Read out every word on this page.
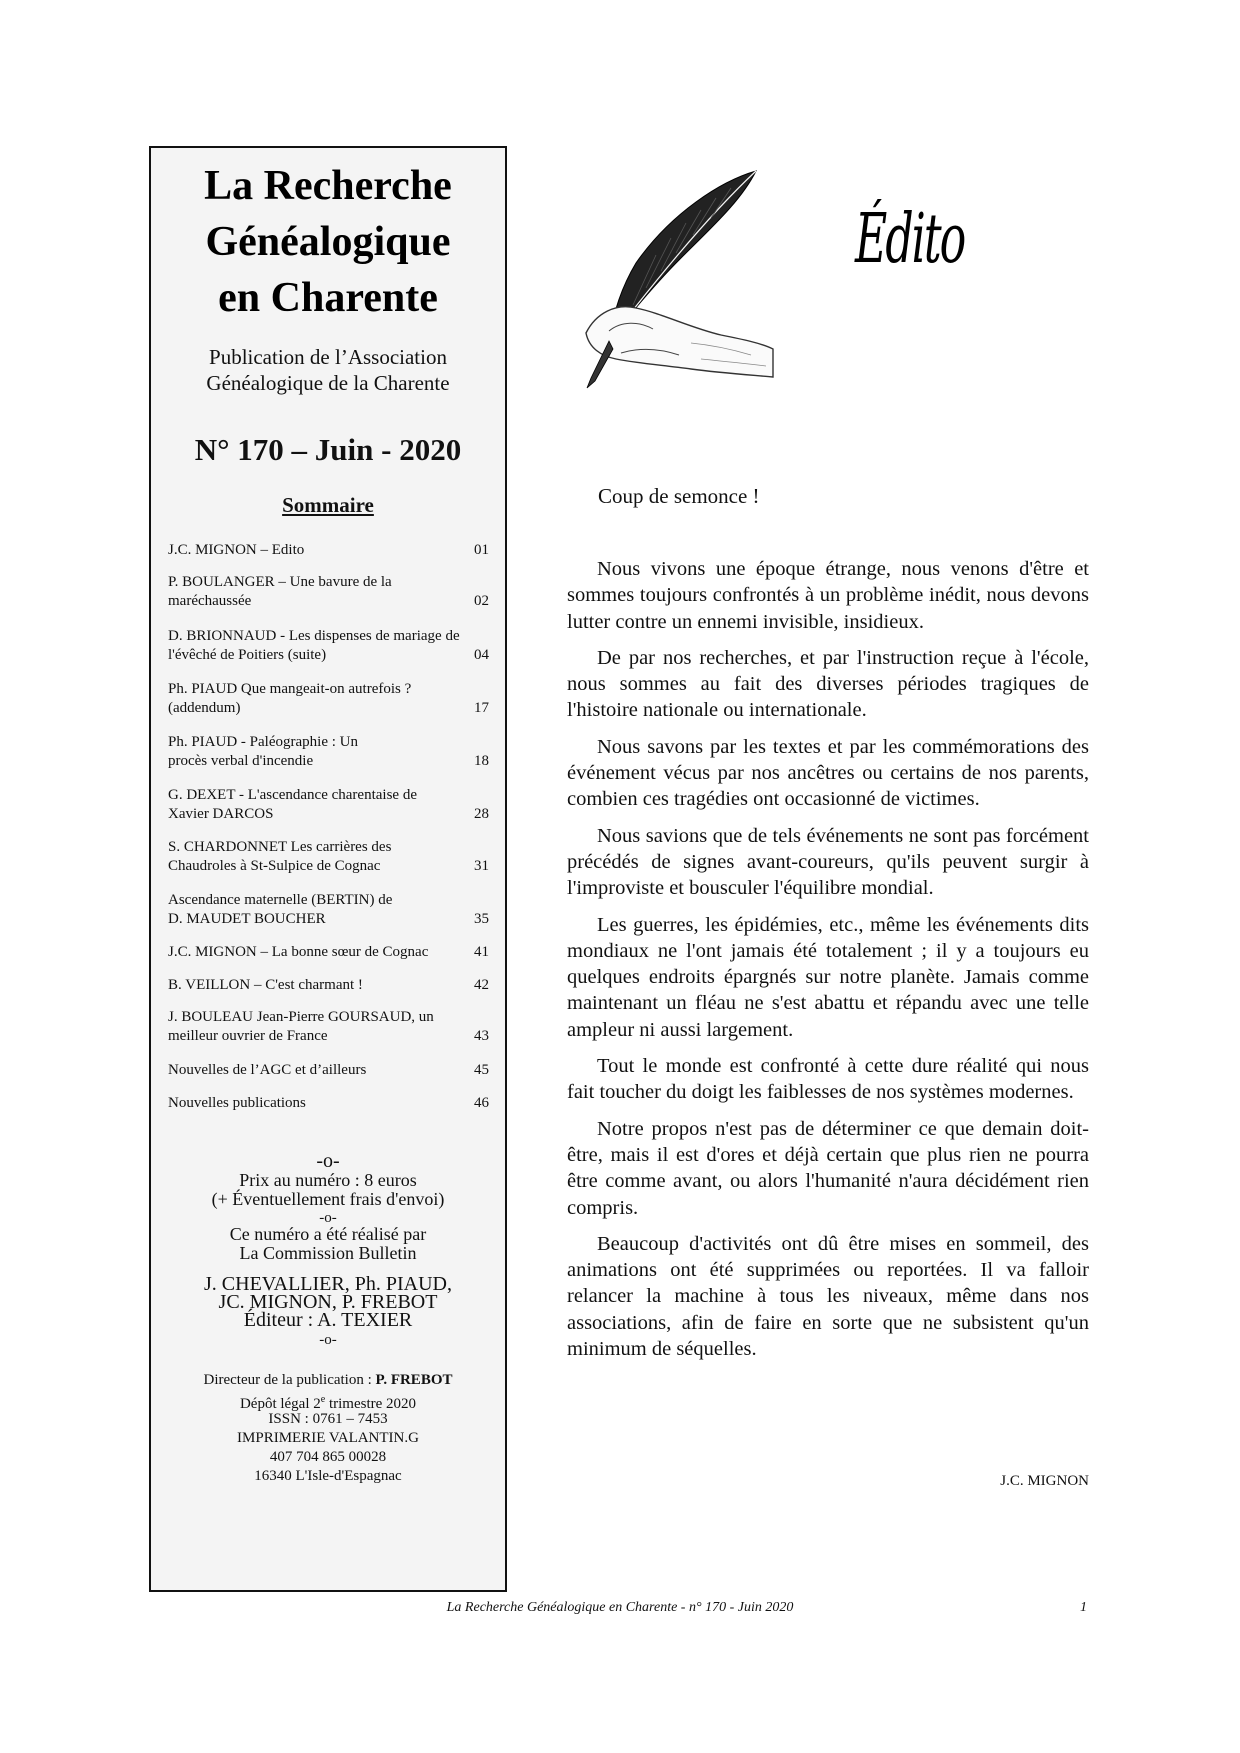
La Recherche
Généalogique
en Charente
Publication de l’Association
Généalogique de la Charente
N° 170 – Juin - 2020
Sommaire
J.C. MIGNON – Edito	01
P. BOULANGER – Une bavure de la maréchaussée	02
D. BRIONNAUD - Les dispenses de mariage de l'évêché de Poitiers (suite)	04
Ph. PIAUD Que mangeait-on autrefois ? (addendum)	17
Ph. PIAUD - Paléographie : Un procès verbal d'incendie	18
G. DEXET - L'ascendance charentaise de Xavier DARCOS	28
S. CHARDONNET Les carrières des Chaudroles à St-Sulpice de Cognac	31
Ascendance maternelle (BERTIN) de D. MAUDET BOUCHER	35
J.C. MIGNON – La bonne sœur de Cognac	41
B. VEILLON – C'est charmant !	42
J. BOULEAU Jean-Pierre GOURSAUD, un meilleur ouvrier de France	43
Nouvelles de l’AGC et d’ailleurs	45
Nouvelles publications	46
-o-
Prix au numéro : 8 euros
(+ Éventuellement frais d'envoi)
-o-
Ce numéro a été réalisé par
La Commission Bulletin
J. CHEVALLIER, Ph. PIAUD,
JC. MIGNON, P. FREBOT
Éditeur : A. TEXIER
-o-
Directeur de la publication : P. FREBOT
Dépôt légal 2e trimestre 2020
ISSN : 0761 – 7453
IMPRIMERIE VALANTIN.G
407 704 865 00028
16340 L'Isle-d'Espagnac
Édito
Coup de semonce !

Nous vivons une époque étrange, nous venons d'être et sommes toujours confrontés à un problème inédit, nous devons lutter contre un ennemi invisible, insidieux.

De par nos recherches, et par l'instruction reçue à l'école, nous sommes au fait des diverses périodes tragiques de l'histoire nationale ou internationale.

Nous savons par les textes et par les commémorations des événement vécus par nos ancêtres ou certains de nos parents, combien ces tragédies ont occasionné de victimes.

Nous savions que de tels événements ne sont pas forcément précédés de signes avant-coureurs, qu'ils peuvent surgir à l'improviste et bousculer l'équilibre mondial.

Les guerres, les épidémies, etc., même les événements dits mondiaux ne l'ont jamais été totalement ; il y a toujours eu quelques endroits épargnés sur notre planète. Jamais comme maintenant un fléau ne s'est abattu et répandu avec une telle ampleur ni aussi largement.

Tout le monde est confronté à cette dure réalité qui nous fait toucher du doigt les faiblesses de nos systèmes modernes.

Notre propos n'est pas de déterminer ce que demain doit-être, mais il est d'ores et déjà certain que plus rien ne pourra être comme avant, ou alors l'humanité n'aura décidément rien compris.

Beaucoup d'activités ont dû être mises en sommeil, des animations ont été supprimées ou reportées. Il va falloir relancer la machine à tous les niveaux, même dans nos associations, afin de faire en sorte que ne subsistent qu'un minimum de séquelles.

J.C. MIGNON
La Recherche Généalogique en Charente - n° 170 - Juin 2020	1
